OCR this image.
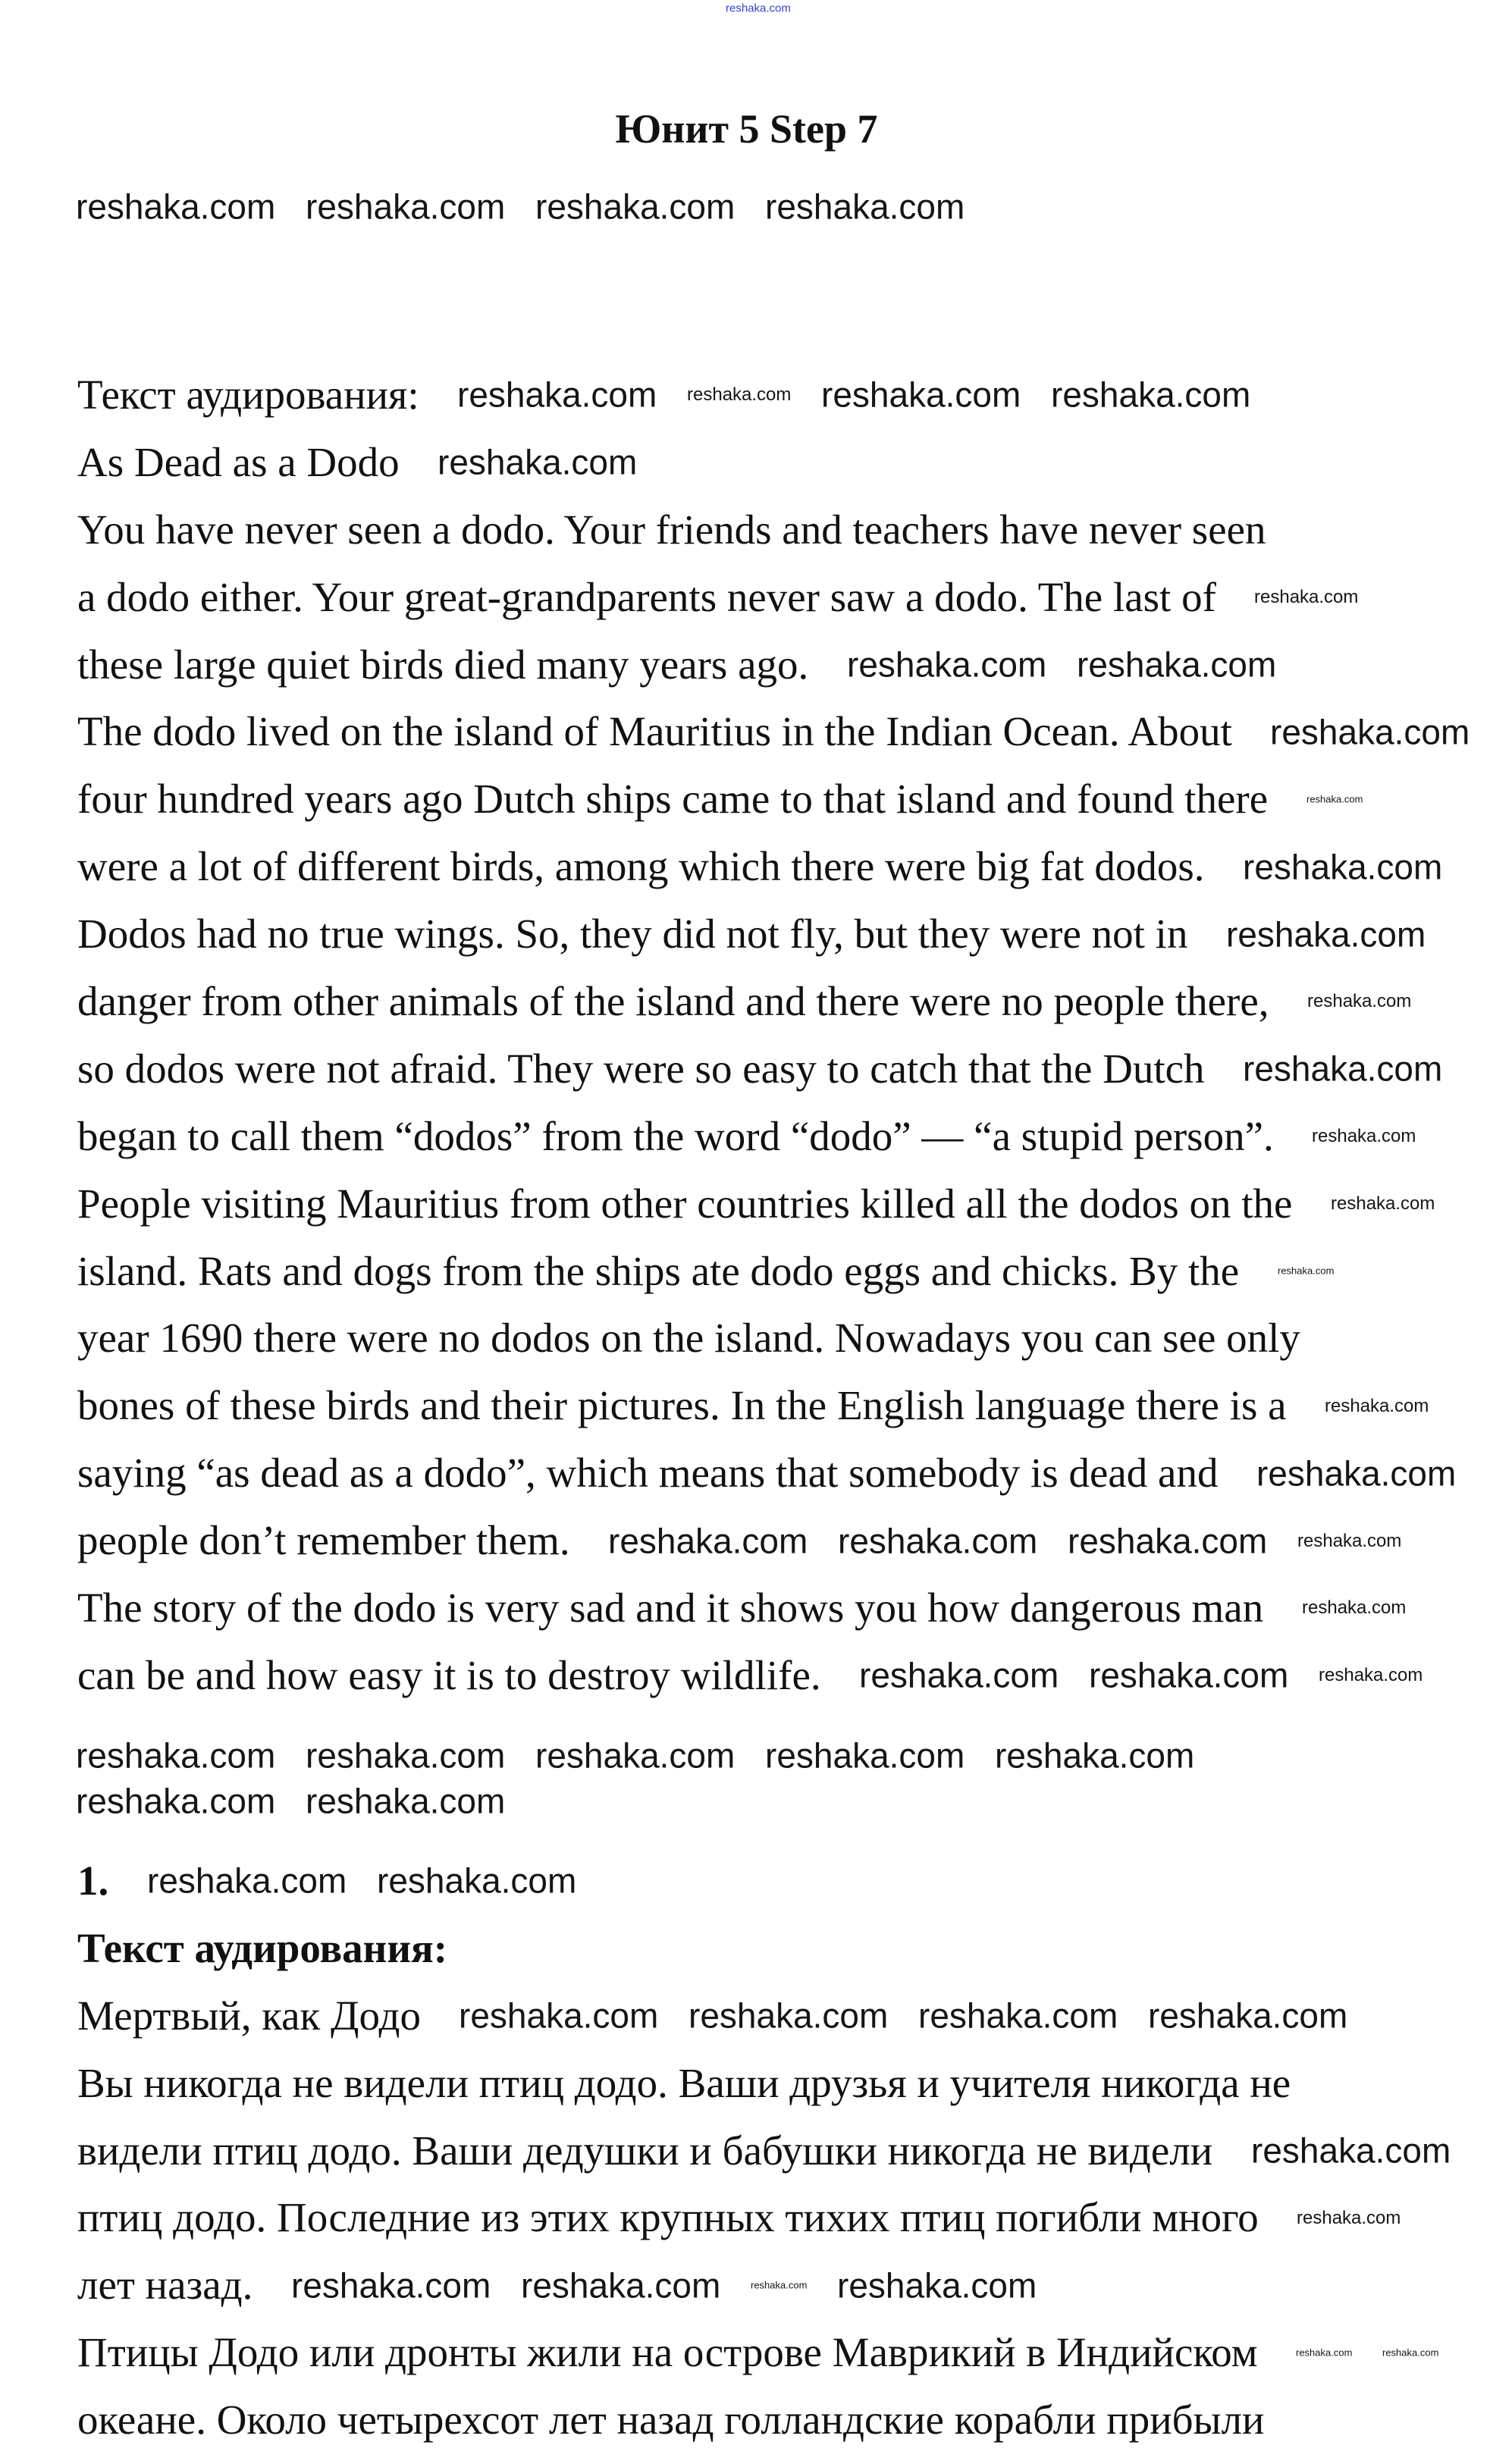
reshaka.com
Юнит 5 Step 7
Текст аудирования:
As Dead as a Dodo
You have never seen a dodo. Your friends and teachers have never seen
a dodo either. Your great-grandparents never saw a dodo. The last of
these large quiet birds died many years ago.
The dodo lived on the island of Mauritius in the Indian Ocean. About
four hundred years ago Dutch ships came to that island and found there
were a lot of different birds, among which there were big fat dodos.
Dodos had no true wings. So, they did not fly, but they were not in
danger from other animals of the island and there were no people there,
so dodos were not afraid. They were so easy to catch that the Dutch
began to call them “dodos” from the word “dodo” — “a stupid person”.
People visiting Mauritius from other countries killed all the dodos on the
island. Rats and dogs from the ships ate dodo eggs and chicks. By the
year 1690 there were no dodos on the island. Nowadays you can see only
bones of these birds and their pictures. In the English language there is a
saying “as dead as a dodo”, which means that somebody is dead and
people don’t remember them.
The story of the dodo is very sad and it shows you how dangerous man
can be and how easy it is to destroy wildlife.
1.
Текст аудирования:
Мертвый, как Додо
Вы никогда не видели птиц додо. Ваши друзья и учителя никогда не
видели птиц додо. Ваши дедушки и бабушки никогда не видели
птиц додо. Последние из этих крупных тихих птиц погибли много
лет назад.
Птицы Додо или дронты жили на острове Маврикий в Индийском
океане. Около четырехсот лет назад голландские корабли прибыли
reshaka.com reshaka.com reshaka.com reshaka.com
reshaka.com reshaka.com reshaka.com reshaka.com
reshaka.com
reshaka.com reshaka.com
reshaka.com
reshaka.com
reshaka.com
reshaka.com
reshaka.com
reshaka.com
reshaka.com
reshaka.com
reshaka.com
reshaka.com
reshaka.com
reshaka.com
reshaka.com reshaka.com
reshaka.com
reshaka.com
reshaka.com
reshaka.com reshaka.com
reshaka.com
reshaka.com
reshaka.com reshaka.com
reshaka.com
reshaka.com
reshaka.com reshaka.com
reshaka.com reshaka.com
reshaka.com reshaka.com reshaka.com reshaka.com
reshaka.com
reshaka.com
reshaka.com reshaka.com	reshaka.com
reshaka.com
reshaka.com
reshaka.com
